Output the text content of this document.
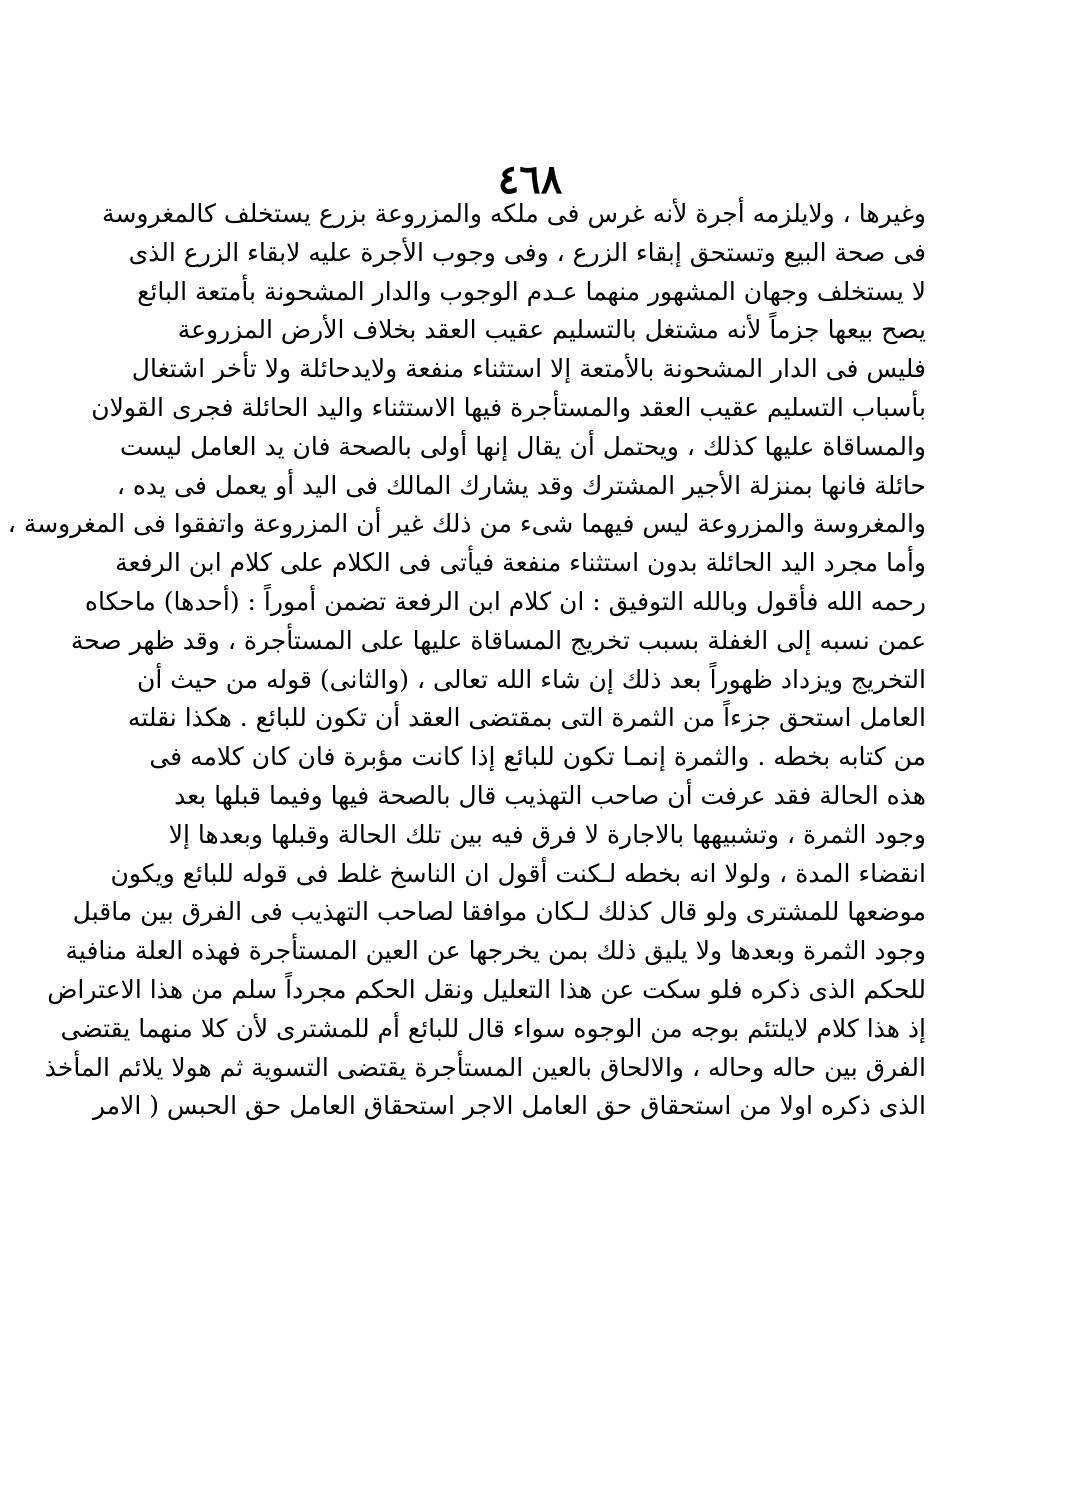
٤٦٨
وغيرها ، ولايلزمه أجرة لأنه غرس فى ملكه والمزروعة بزرع يستخلف كالمغروسة
فى صحة البيع وتستحق إبقاء الزرع ، وفى وجوب الأجرة عليه لابقاء الزرع الذى
لا يستخلف وجهان المشهور منهما عـدم الوجوب والدار المشحونة بأمتعة البائع
يصح بيعها جزماً لأنه مشتغل بالتسليم عقيب العقد بخلاف الأرض المزروعة
فليس فى الدار المشحونة بالأمتعة إلا استثناء منفعة ولايدحائلة ولا تأخر اشتغال
بأسباب التسليم عقيب العقد والمستأجرة فيها الاستثناء واليد الحائلة فجرى القولان
والمساقاة عليها كذلك ، ويحتمل أن يقال إنها أولى بالصحة فان يد العامل ليست
حائلة فانها بمنزلة الأجير المشترك وقد يشارك المالك فى اليد أو يعمل فى يده ،
والمغروسة والمزروعة ليس فيهما شىء من ذلك غير أن المزروعة واتفقوا فى المغروسة ،
وأما مجرد اليد الحائلة بدون استثناء منفعة فيأتى فى الكلام على كلام ابن الرفعة
رحمه الله فأقول وبالله التوفيق : ان كلام ابن الرفعة تضمن أموراً : (أحدها) ماحكاه
عمن نسبه إلى الغفلة بسبب تخريج المساقاة عليها على المستأجرة ، وقد ظهر صحة
التخريج ويزداد ظهوراً بعد ذلك إن شاء الله تعالى ، (والثانى) قوله من حيث أن
العامل استحق جزءاً من الثمرة التى بمقتضى العقد أن تكون للبائع . هكذا نقلته
من كتابه بخطه . والثمرة إنمـا تكون للبائع إذا كانت مؤبرة فان كان كلامه فى
هذه الحالة فقد عرفت أن صاحب التهذيب قال بالصحة فيها وفيما قبلها بعد
وجود الثمرة ، وتشبيهها بالاجارة لا فرق فيه بين تلك الحالة وقبلها وبعدها إلا
انقضاء المدة ، ولولا انه بخطه لـكنت أقول ان الناسخ غلط فى قوله للبائع ويكون
موضعها للمشترى ولو قال كذلك لـكان موافقا لصاحب التهذيب فى الفرق بين ماقبل
وجود الثمرة وبعدها ولا يليق ذلك بمن يخرجها عن العين المستأجرة فهذه العلة منافية
للحكم الذى ذكره فلو سكت عن هذا التعليل ونقل الحكم مجرداً سلم من هذا الاعتراض
إذ هذا كلام لايلتئم بوجه من الوجوه سواء قال للبائع أم للمشترى لأن كلا منهما يقتضى
الفرق بين حاله وحاله ، والالحاق بالعين المستأجرة يقتضى التسوية ثم هولا يلائم المأخذ
الذى ذكره اولا من استحقاق حق العامل الاجر استحقاق العامل حق الحبس ( الامر
